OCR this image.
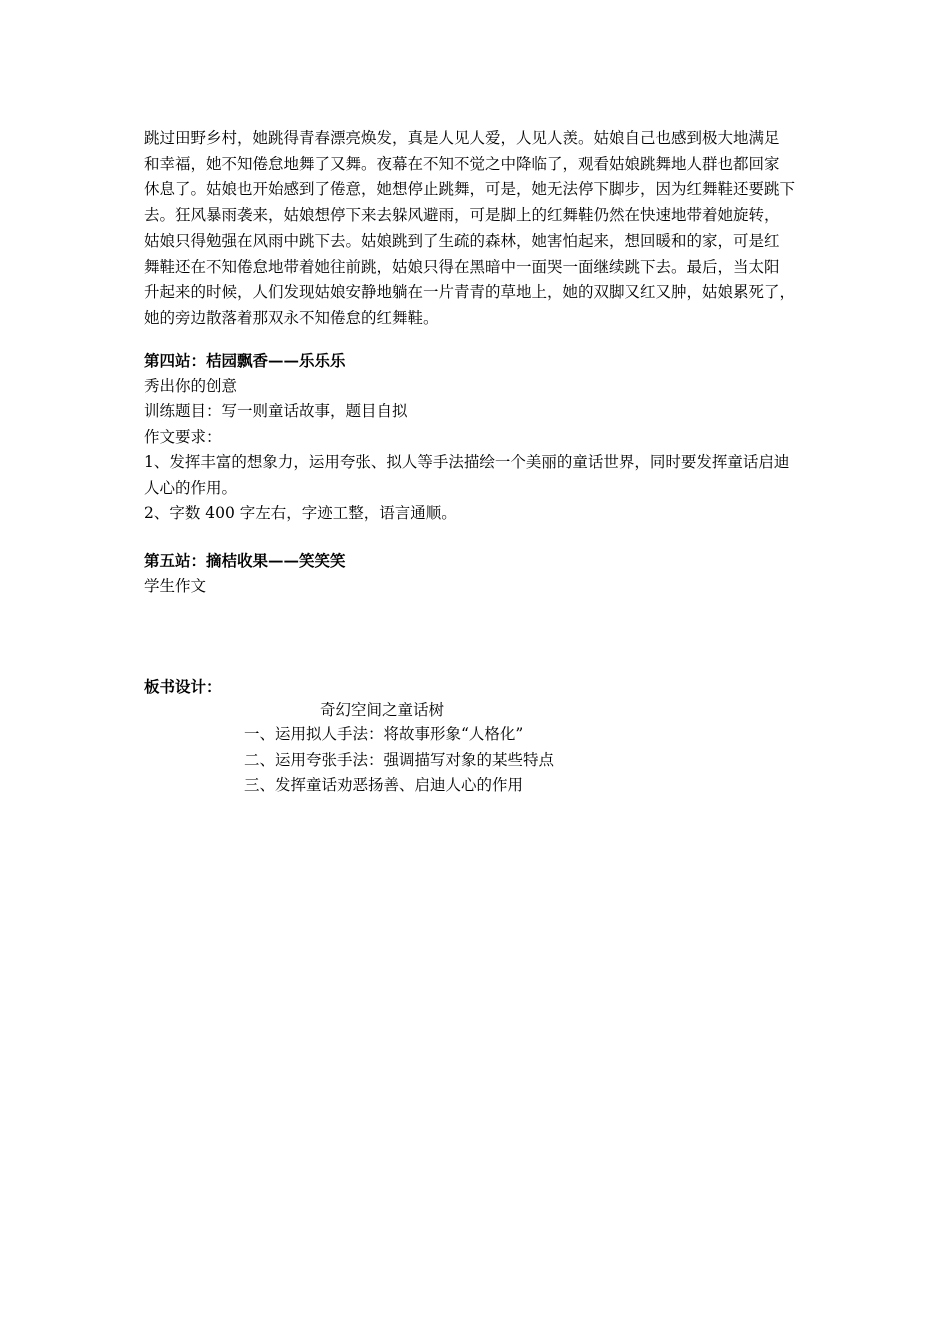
跳过田野乡村，她跳得青春漂亮焕发，真是人见人爱，人见人羡。姑娘自己也感到极大地满足
和幸福，她不知倦怠地舞了又舞。夜幕在不知不觉之中降临了，观看姑娘跳舞地人群也都回家
休息了。姑娘也开始感到了倦意，她想停止跳舞，可是，她无法停下脚步，因为红舞鞋还要跳下
去。狂风暴雨袭来，姑娘想停下来去躲风避雨，可是脚上的红舞鞋仍然在快速地带着她旋转，
姑娘只得勉强在风雨中跳下去。姑娘跳到了生疏的森林，她害怕起来，想回暖和的家，可是红
舞鞋还在不知倦怠地带着她往前跳，姑娘只得在黑暗中一面哭一面继续跳下去。最后，当太阳
升起来的时候，人们发现姑娘安静地躺在一片青青的草地上，她的双脚又红又肿，姑娘累死了，
她的旁边散落着那双永不知倦怠的红舞鞋。
第四站：桔园飘香——乐乐乐
秀出你的创意
训练题目：写一则童话故事，题目自拟
作文要求：
1、发挥丰富的想象力，运用夸张、拟人等手法描绘一个美丽的童话世界，同时要发挥童话启迪
人心的作用。
2、字数 400 字左右，字迹工整，语言通顺。
第五站：摘桔收果——笑笑笑
学生作文
板书设计：
奇幻空间之童话树
一、运用拟人手法：将故事形象“人格化”
二、运用夸张手法：强调描写对象的某些特点
三、发挥童话劝恶扬善、启迪人心的作用
